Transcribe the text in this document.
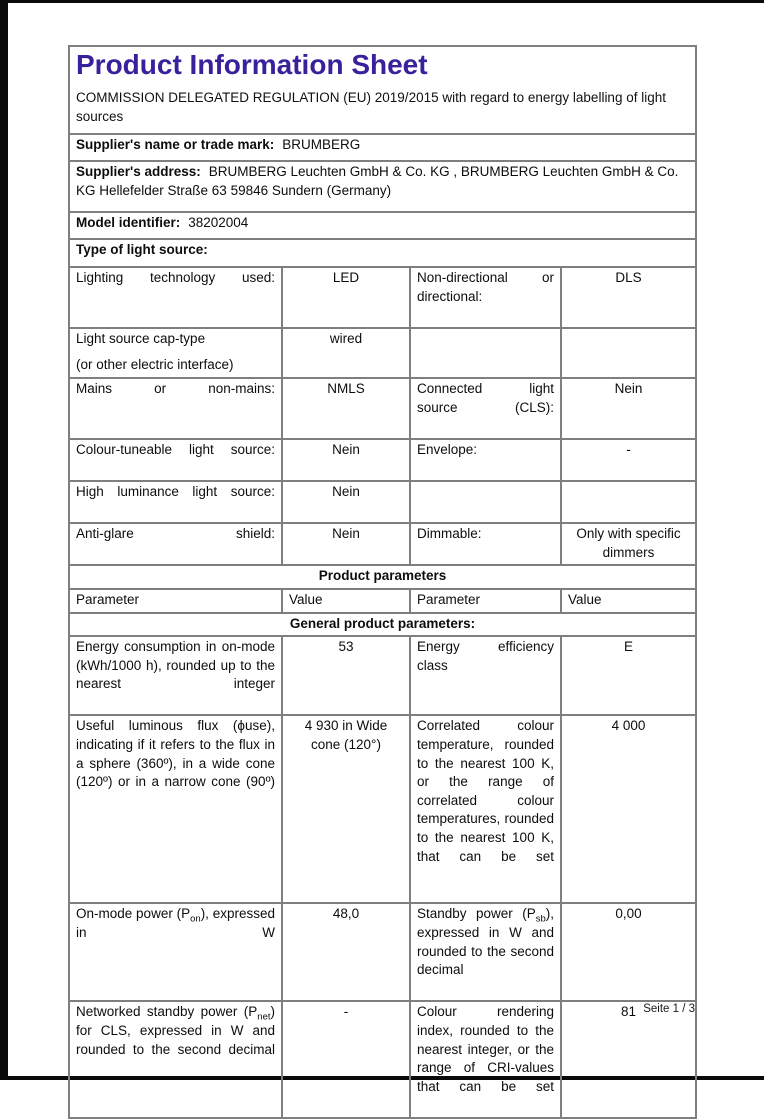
Product Information Sheet
COMMISSION DELEGATED REGULATION (EU) 2019/2015 with regard to energy labelling of light sources			

Supplier's name or trade mark: BRUMBERG			
Supplier's address: BRUMBERG Leuchten GmbH & Co. KG , BRUMBERG Leuchten GmbH & Co. KG Hellefelder Straße 63 59846 Sundern (Germany)			
Model identifier: 38202004			
Type of light source:			
Lighting technology used:	LED	Non-directional or directional:	DLS

Light source cap-type
(or other electric interface)	wired		
Mains or non-mains:	NMLS	Connected light source (CLS):	Nein
Colour-tuneable light source:	Nein	Envelope:	-
High luminance light source:	Nein		
Anti-glare shield:	Nein	Dimmable:	Only with specific dimmers
Product parameters			
Parameter	Value	Parameter	Value
General product parameters:			
Energy consumption in on-mode (kWh/1000 h), rounded up to the nearest integer	53	Energy efficiency class	E
Useful luminous flux (ϕuse), indicating if it refers to the flux in a sphere (360º), in a wide cone (120º) or in a narrow cone (90º)	4 930 in Wide cone (120°)	Correlated colour temperature, rounded to the nearest 100 K, or the range of correlated colour temperatures, rounded to the nearest 100 K, that can be set	4 000
On-mode power $(P_{on})$, expressed in W	48,0	Standby power $(P_{sb})$, expressed in W and rounded to the second decimal	0,00
Networked standby power $(P_{net})$ for CLS, expressed in W and rounded to the second decimal	-	Colour rendering index, rounded to the nearest integer, or the range of CRI-values that can be set	81 Seite 1 / 3
